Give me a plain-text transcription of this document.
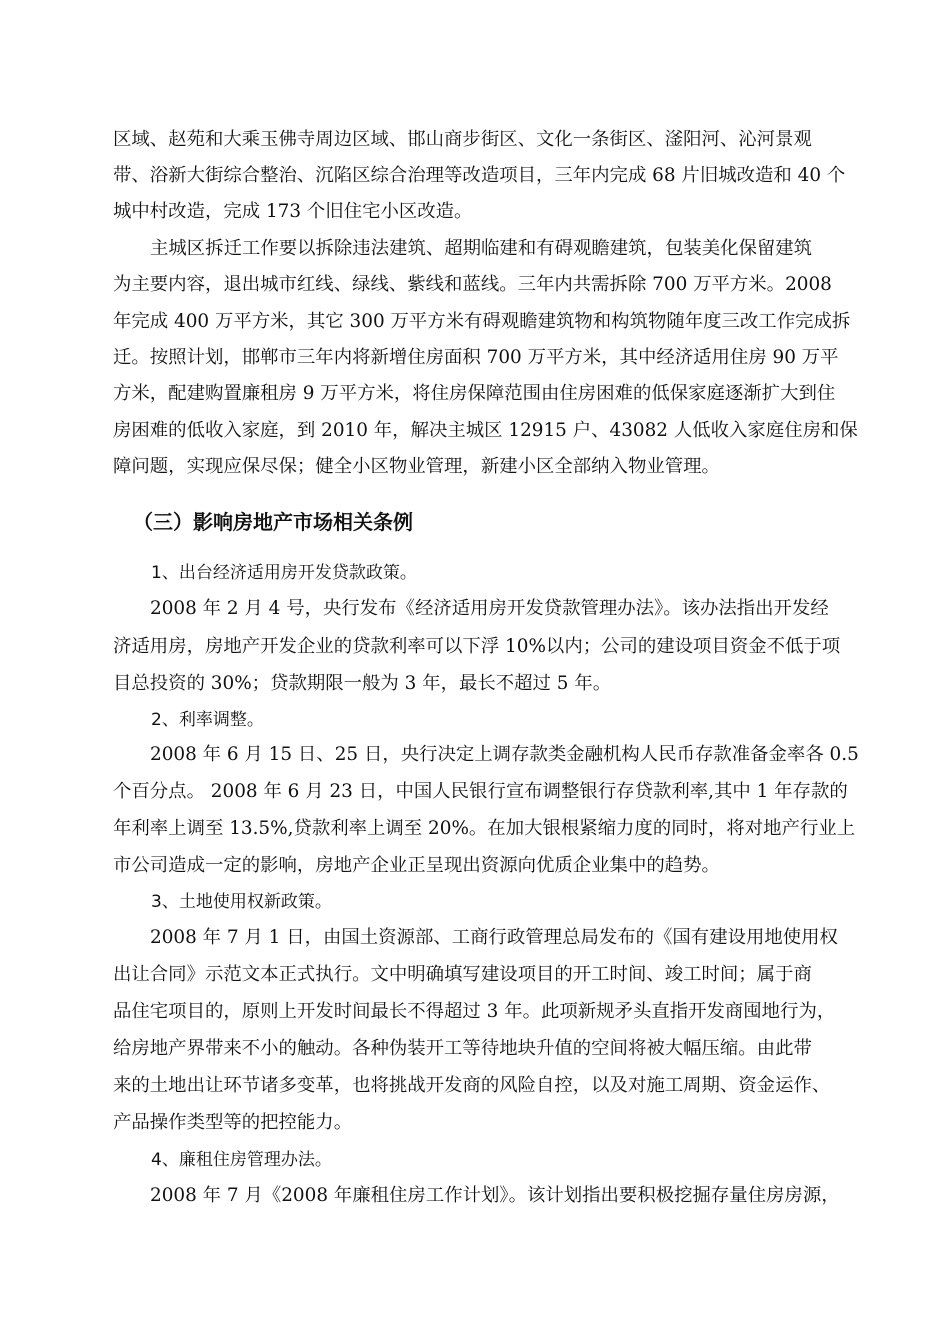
区域、赵苑和大乘玉佛寺周边区域、邯山商步街区、文化一条街区、滏阳河、沁河景观
带、浴新大街综合整治、沉陷区综合治理等改造项目，三年内完成 68 片旧城改造和 40 个
城中村改造，完成 173 个旧住宅小区改造。
主城区拆迁工作要以拆除违法建筑、超期临建和有碍观瞻建筑，包装美化保留建筑
为主要内容，退出城市红线、绿线、紫线和蓝线。三年内共需拆除 700 万平方米。2008
年完成 400 万平方米，其它 300 万平方米有碍观瞻建筑物和构筑物随年度三改工作完成拆
迁。按照计划，邯郸市三年内将新增住房面积 700 万平方米，其中经济适用住房 90 万平
方米，配建购置廉租房 9 万平方米，将住房保障范围由住房困难的低保家庭逐渐扩大到住
房困难的低收入家庭，到 2010 年，解决主城区 12915 户、43082 人低收入家庭住房和保
障问题，实现应保尽保；健全小区物业管理，新建小区全部纳入物业管理。
（三）影响房地产市场相关条例
1、出台经济适用房开发贷款政策。
2008 年 2 月 4 号，央行发布《经济适用房开发贷款管理办法》。该办法指出开发经
济适用房，房地产开发企业的贷款利率可以下浮 10%以内；公司的建设项目资金不低于项
目总投资的 30%；贷款期限一般为 3 年，最长不超过 5 年。
2、利率调整。
2008 年 6 月 15 日、25 日，央行决定上调存款类金融机构人民币存款准备金率各 0.5
个百分点。 2008 年 6 月 23 日，中国人民银行宣布调整银行存贷款利率,其中 1 年存款的
年利率上调至 13.5%,贷款利率上调至 20%。在加大银根紧缩力度的同时，将对地产行业上
市公司造成一定的影响，房地产企业正呈现出资源向优质企业集中的趋势。
3、土地使用权新政策。
2008 年 7 月 1 日，由国土资源部、工商行政管理总局发布的《国有建设用地使用权
出让合同》示范文本正式执行。文中明确填写建设项目的开工时间、竣工时间；属于商
品住宅项目的，原则上开发时间最长不得超过 3 年。此项新规矛头直指开发商囤地行为，
给房地产界带来不小的触动。各种伪装开工等待地块升值的空间将被大幅压缩。由此带
来的土地出让环节诸多变革，也将挑战开发商的风险自控，以及对施工周期、资金运作、
产品操作类型等的把控能力。
4、廉租住房管理办法。
2008 年 7 月《2008 年廉租住房工作计划》。该计划指出要积极挖掘存量住房房源，
